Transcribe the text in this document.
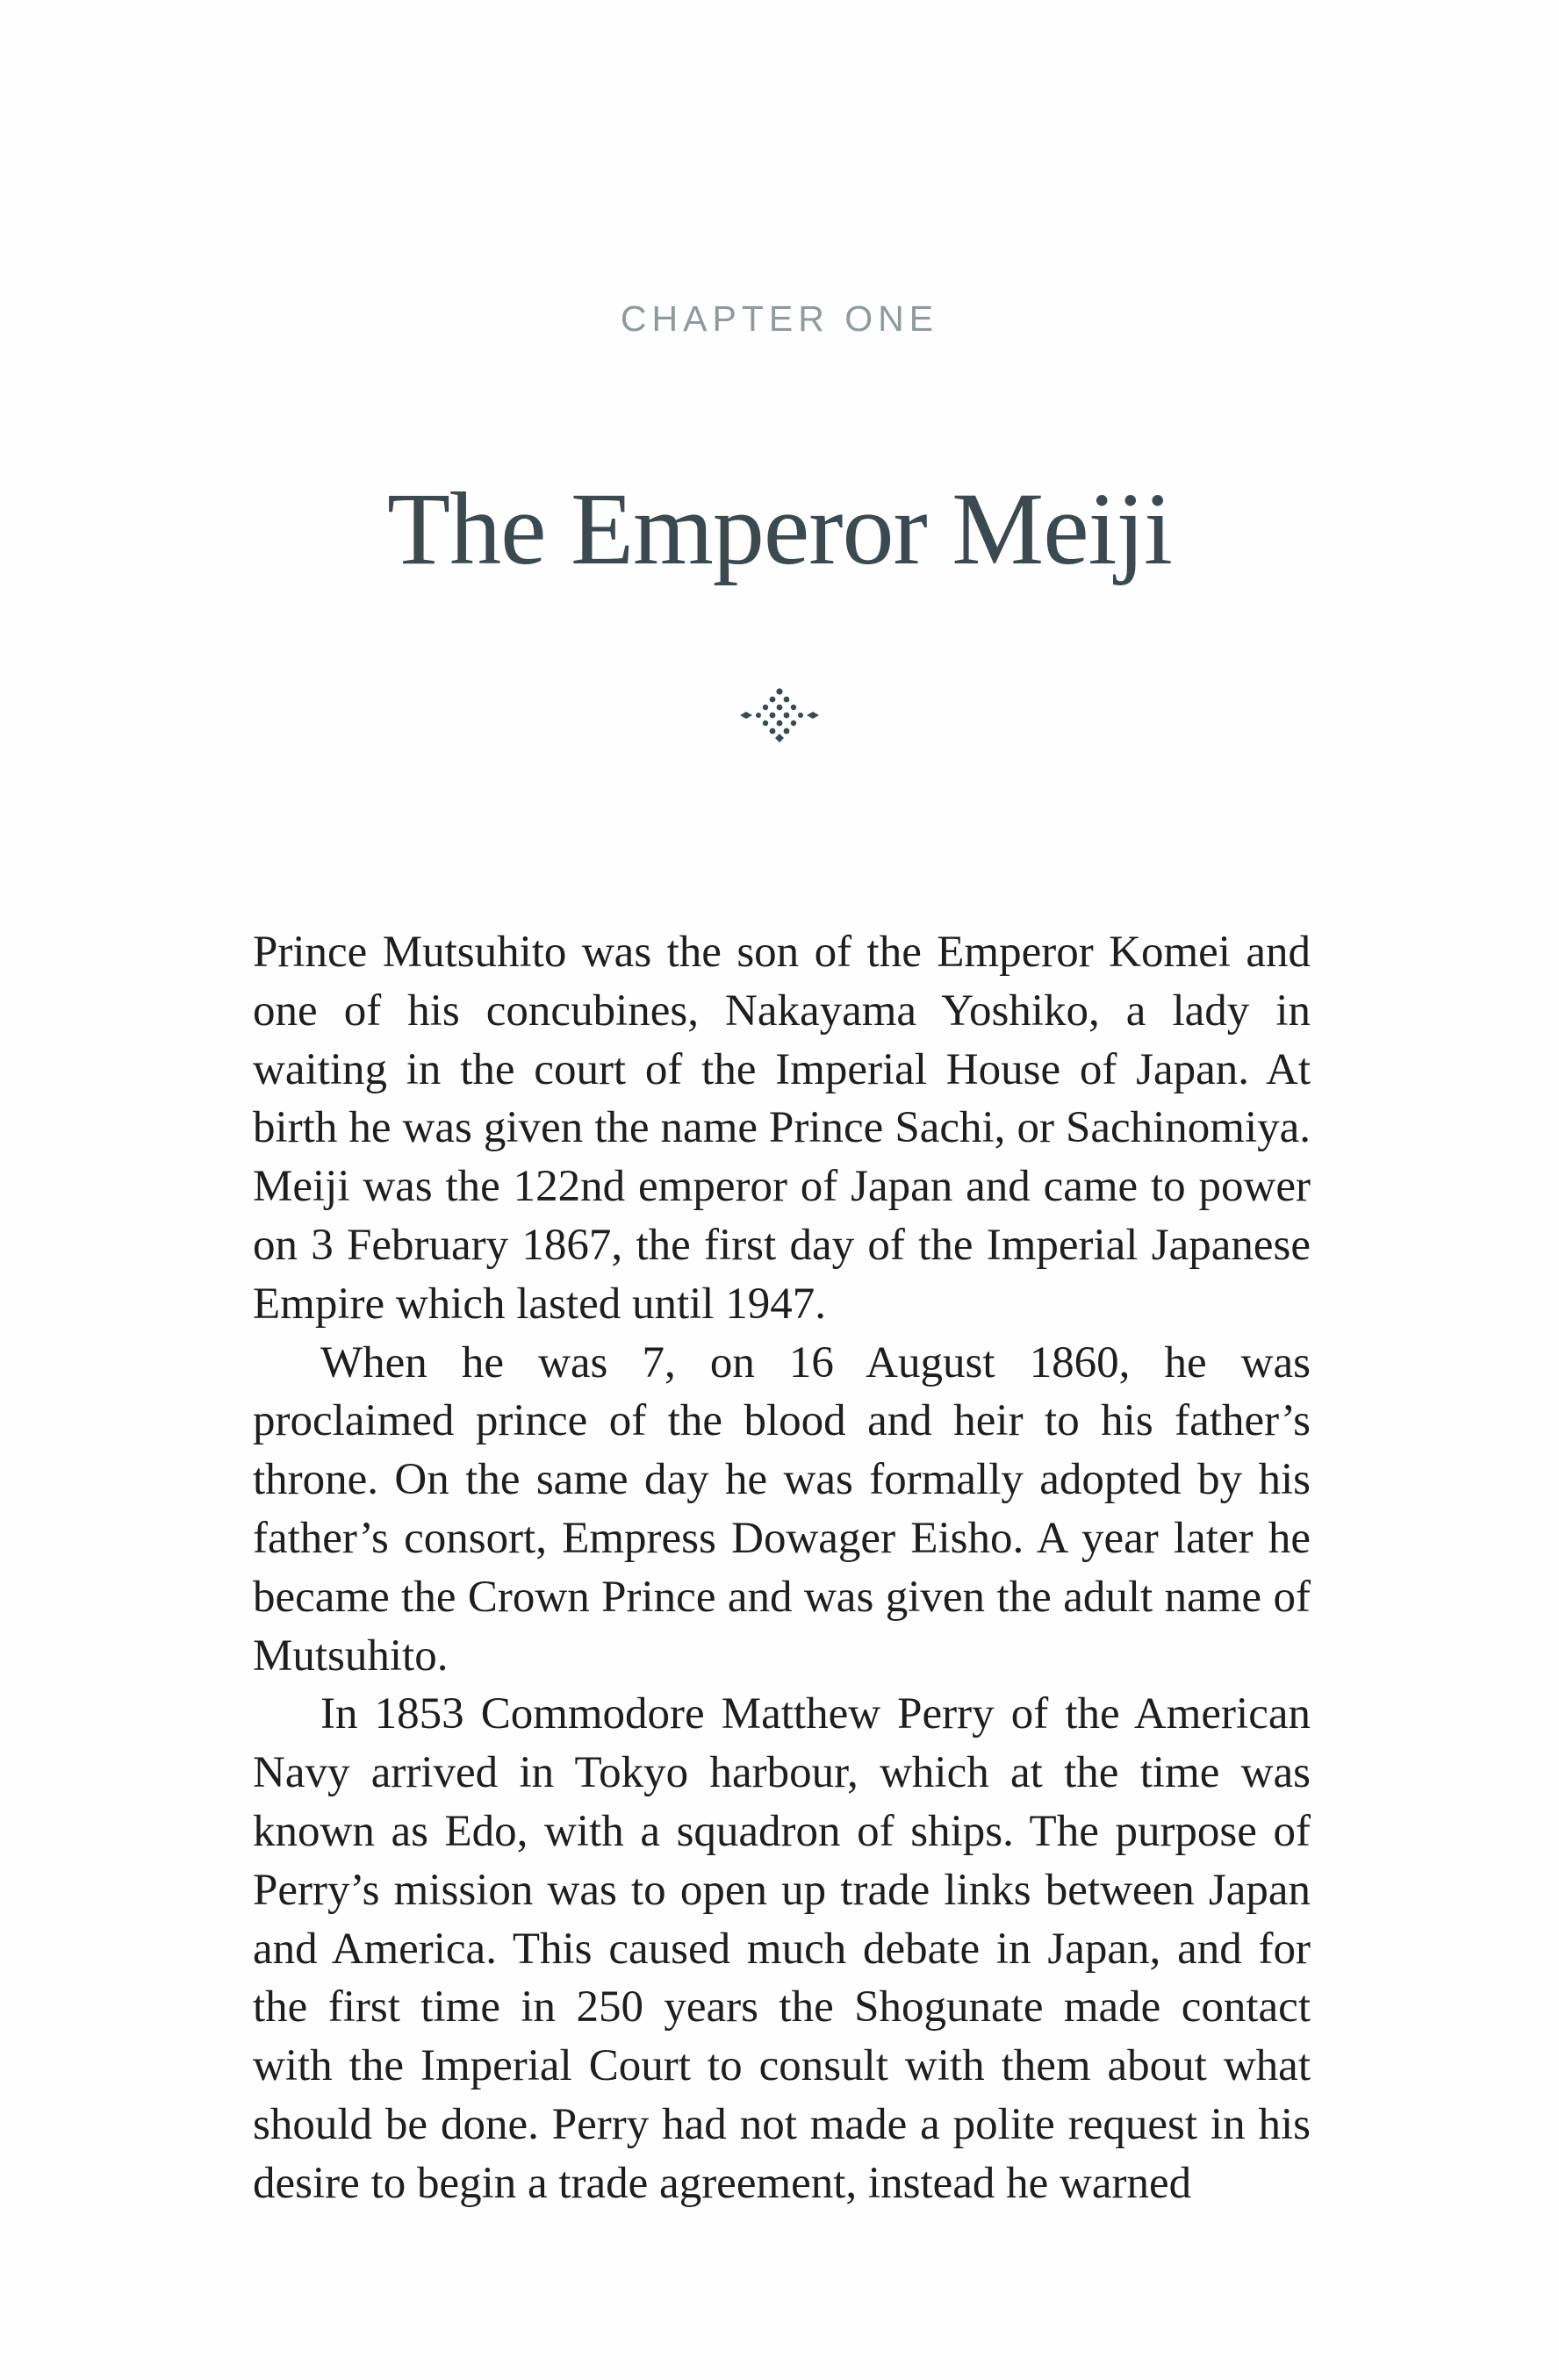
CHAPTER ONE
The Emperor Meiji

Prince Mutsuhito was the son of the Emperor Komei and one of his concubines, Nakayama Yoshiko, a lady in waiting in the court of the Imperial House of Japan. At birth he was given the name Prince Sachi, or Sachinomiya. Meiji was the 122nd emperor of Japan and came to power on 3 February 1867, the first day of the Imperial Japanese Empire which lasted until 1947.

When he was 7, on 16 August 1860, he was proclaimed prince of the blood and heir to his father’s throne. On the same day he was formally adopted by his father’s consort, Empress Dowager Eisho. A year later he became the Crown Prince and was given the adult name of Mutsuhito.

In 1853 Commodore Matthew Perry of the American Navy arrived in Tokyo harbour, which at the time was known as Edo, with a squadron of ships. The purpose of Perry’s mission was to open up trade links between Japan and America. This caused much debate in Japan, and for the first time in 250 years the Shogunate made contact with the Imperial Court to consult with them about what should be done. Perry had not made a polite request in his desire to begin a trade agreement, instead he warned
